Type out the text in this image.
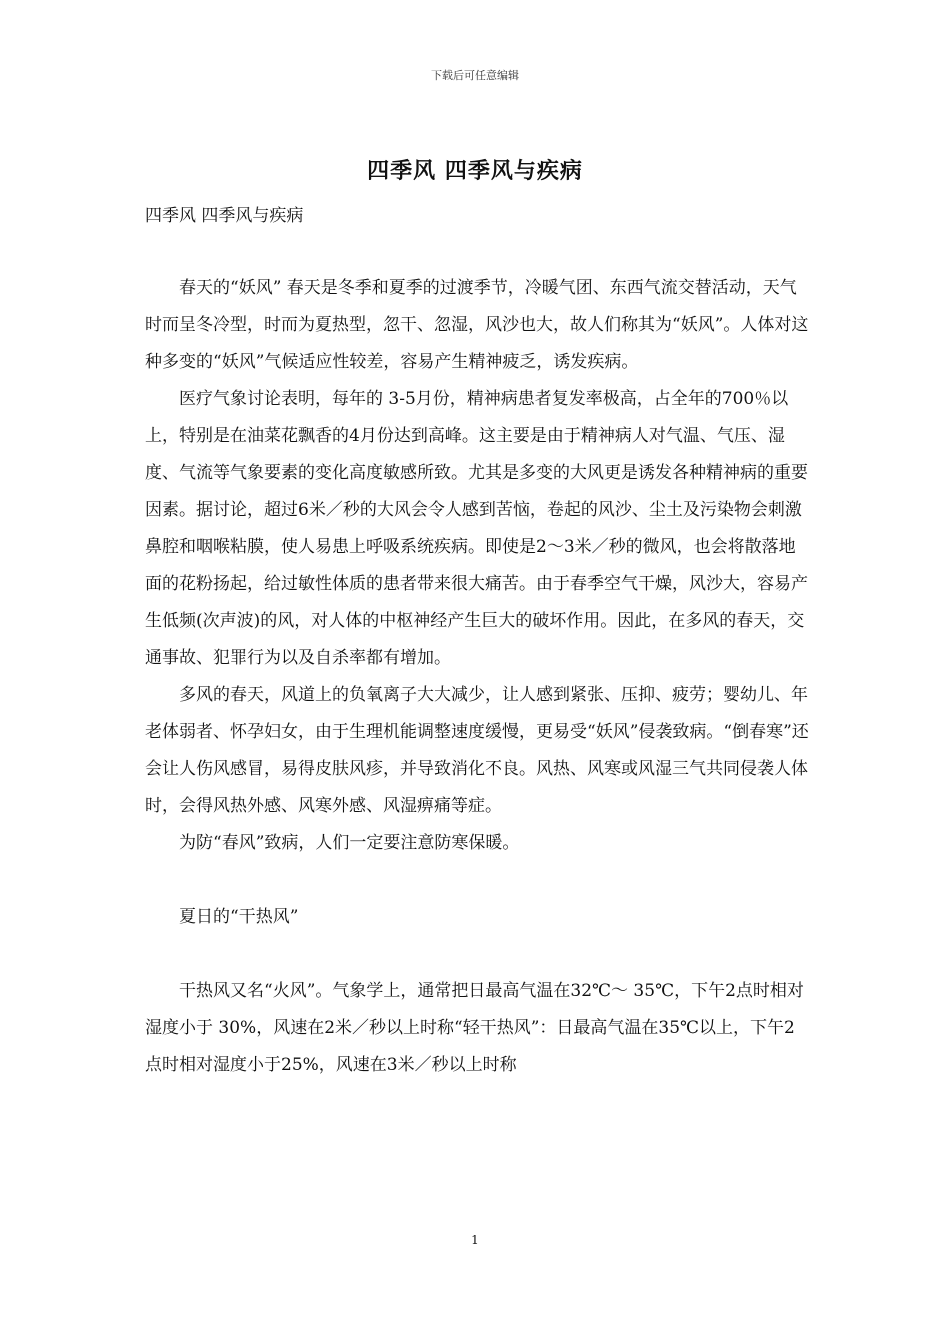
下载后可任意编辑
四季风 四季风与疾病
四季风 四季风与疾病

春天的“妖风” 春天是冬季和夏季的过渡季节，冷暖气团、东西气流交替活动，天气时而呈冬冷型，时而为夏热型，忽干、忽湿，风沙也大，故人们称其为“妖风”。人体对这种多变的“妖风”气候适应性较差，容易产生精神疲乏，诱发疾病。

医疗气象讨论表明，每年的 3-5月份，精神病患者复发率极高，占全年的700％以上，特别是在油菜花飘香的4月份达到高峰。这主要是由于精神病人对气温、气压、湿度、气流等气象要素的变化高度敏感所致。尤其是多变的大风更是诱发各种精神病的重要因素。据讨论，超过6米／秒的大风会令人感到苦恼，卷起的风沙、尘土及污染物会刺激鼻腔和咽喉粘膜，使人易患上呼吸系统疾病。即使是2～3米／秒的微风，也会将散落地面的花粉扬起，给过敏性体质的患者带来很大痛苦。由于春季空气干燥，风沙大，容易产生低频(次声波)的风，对人体的中枢神经产生巨大的破坏作用。因此，在多风的春天，交通事故、犯罪行为以及自杀率都有增加。

多风的春天，风道上的负氧离子大大减少，让人感到紧张、压抑、疲劳；婴幼儿、年老体弱者、怀孕妇女，由于生理机能调整速度缓慢，更易受“妖风”侵袭致病。“倒春寒”还会让人伤风感冒，易得皮肤风疹，并导致消化不良。风热、风寒或风湿三气共同侵袭人体时，会得风热外感、风寒外感、风湿痹痛等症。

为防“春风”致病，人们一定要注意防寒保暖。

夏日的“干热风”

干热风又名“火风”。气象学上，通常把日最高气温在32℃～ 35℃，下午2点时相对湿度小于 30%，风速在2米／秒以上时称“轻干热风”：日最高气温在35℃以上，下午2点时相对湿度小于25%，风速在3米／秒以上时称

1
